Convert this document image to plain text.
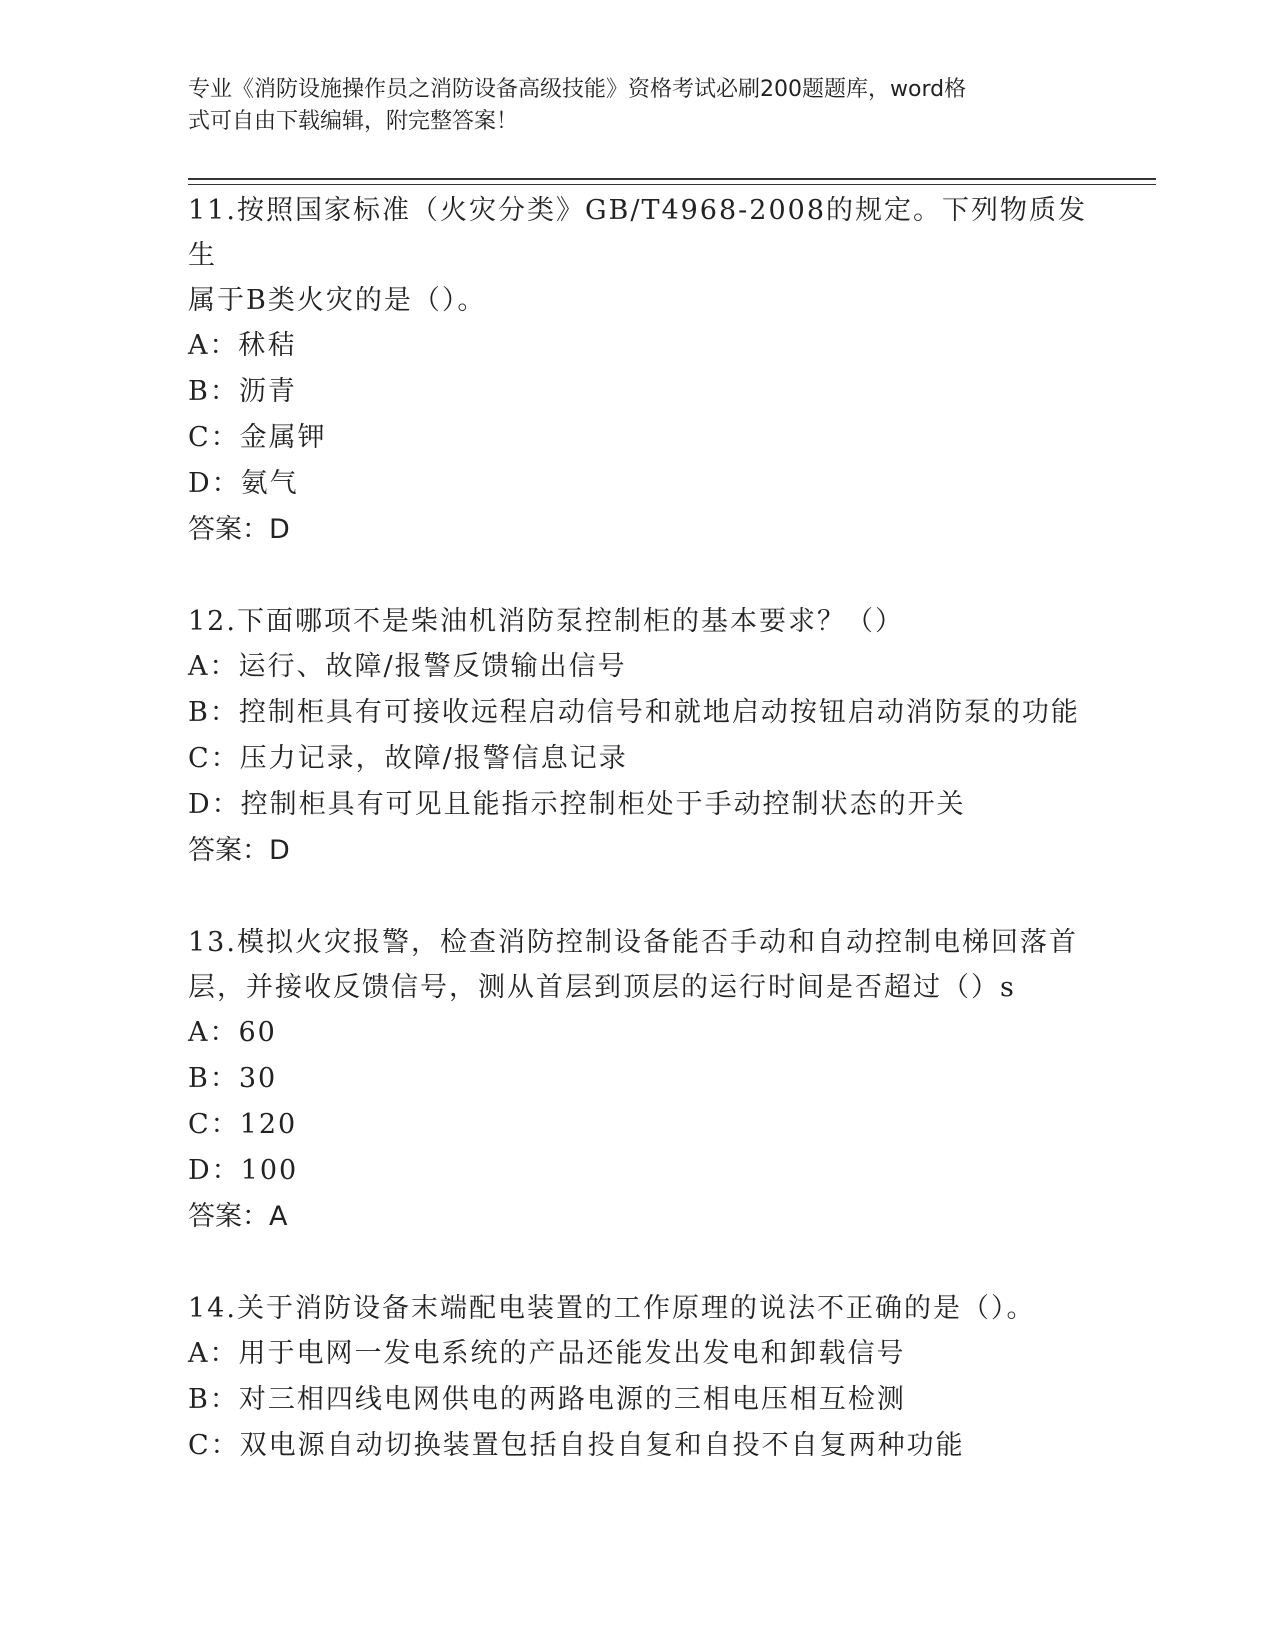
专业《消防设施操作员之消防设备高级技能》资格考试必刷200题题库，word格
式可自由下载编辑，附完整答案！

11.按照国家标准（火灾分类》GB/T4968-2008的规定。下列物质发生

属于B类火灾的是（）。

A：秫秸

B：沥青

C：金属钾

D：氨气

答案：D

12.下面哪项不是柴油机消防泵控制柜的基本要求？（）

A：运行、故障/报警反馈输出信号

B：控制柜具有可接收远程启动信号和就地启动按钮启动消防泵的功能

C：压力记录，故障/报警信息记录

D：控制柜具有可见且能指示控制柜处于手动控制状态的开关

答案：D

13.模拟火灾报警，检查消防控制设备能否手动和自动控制电梯回落首

层，并接收反馈信号，测从首层到顶层的运行时间是否超过（）s

A：60

B：30

C：120

D：100

答案：A

14.关于消防设备末端配电装置的工作原理的说法不正确的是（）。

A：用于电网一发电系统的产品还能发出发电和卸载信号

B：对三相四线电网供电的两路电源的三相电压相互检测

C：双电源自动切换装置包括自投自复和自投不自复两种功能
